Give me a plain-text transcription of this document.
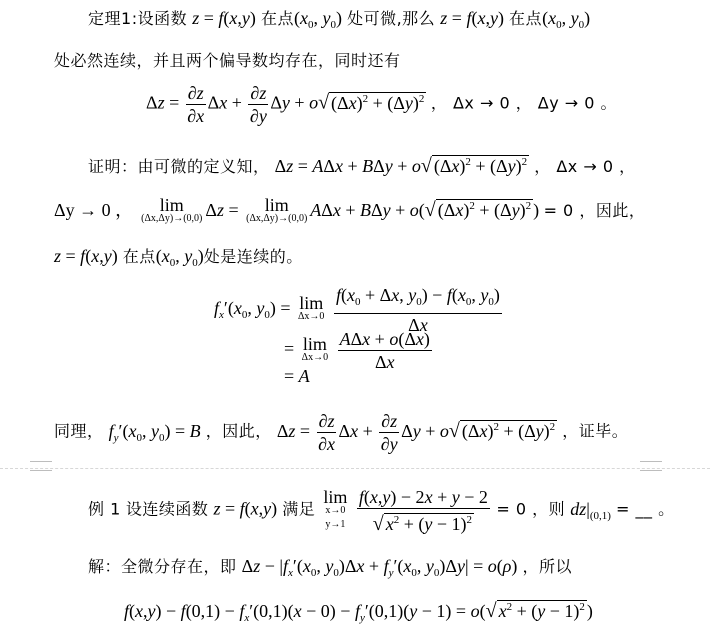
定理1:设函数 z = f(x,y) 在点($x_0$, $y_0$) 处可微,那么 z = f(x,y) 在点($x_0$, $y_0$)
处必然连续，并且两个偏导数均存在，同时还有
$\Delta z = \frac{\partial z}{\partial x}$ $\Delta x + \frac{\partial z}{\partial y}$ Δy + o√ $(\Delta x)^2 + (\Delta y)^2$ ， Δx → 0 ， Δy → 0 。
证明：由可微的定义知， Δz = AΔx + BΔy + o√ $(\Delta x)^2 + (\Delta y)^2$ ， Δx → 0 ，
Δy → 0 ，	lim
(Δx,Δy)→(0,0) Δz =	lim
(Δx,Δy)→(0,0) AΔx + BΔy + o(√ $(\Delta x)^2 + (\Delta y)^2$ ) = 0 ，因此，
z = f(x,y) 在点($x_0$, $y_0$)处是连续的。
$f_x'(x_0$, $y_0) = \lim$
Δx→0
$\frac{f(x_0 + \Delta x, y_0) - f(x_0, y_0)}{\Delta x}$
= lim
Δx→0
$\frac{\text{AΔx + o(Δx)}}{\Delta x}$
= A
同理， $f_y'(x_0$, $y_0) = B$ ，因此， $\Delta z = \frac{\partial z}{\partial x}$ $\Delta x + \frac{\partial z}{\partial y}$ Δy + o√ $(\Delta x)^2 + (\Delta y)^2$ ，证毕。
例 1 设连续函数 z = f(x,y) 满足
lim
x→0
y→1
$\frac{f(x,y) - 2x + y - 2}{√ x^2 + (y - 1)^2} = 0$ ，则 $dz|_{(0,1)}$ = __ 。
解：全微分存在，即 $\Delta z - |f_x'(x_0$, $y_0)\Delta x + f_y'(x_0$, $y_0)\Delta y| = o(\rho)$ ，所以
$f(x,y) - f(0,1) - f_x'(0,1)(x - 0) - f_y'(0,1)(y - 1) = o(√$ $x^2 + (y - 1)^2$ )
